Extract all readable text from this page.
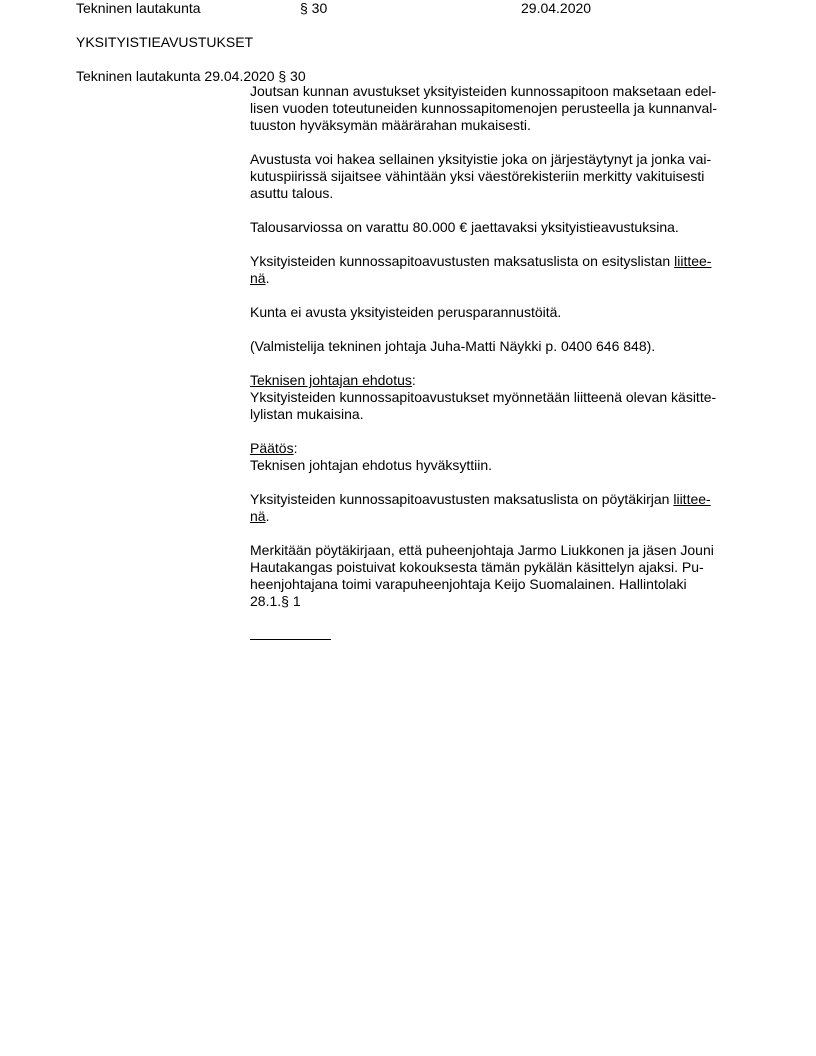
Tekninen lautakunta	§ 30	29.04.2020
YKSITYISTIEAVUSTUKSET
Tekninen lautakunta 29.04.2020 § 30

Joutsan kunnan avustukset yksityisteiden kunnossapitoon maksetaan edel-
lisen vuoden toteutuneiden kunnossapitomenojen perusteella ja kunnanval-
tuuston hyväksymän määrärahan mukaisesti.

Avustusta voi hakea sellainen yksityistie joka on järjestäytynyt ja jonka vai-
kutuspiirissä sijaitsee vähintään yksi väestörekisteriin merkitty vakituisesti
asuttu talous.

Talousarviossa on varattu 80.000 € jaettavaksi yksityistieavustuksina.

Yksityisteiden kunnossapitoavustusten maksatuslista on esityslistan liittee-
nä.

Kunta ei avusta yksityisteiden perusparannustöitä.

(Valmistelija tekninen johtaja Juha-Matti Näykki p. 0400 646 848).

Teknisen johtajan ehdotus:
Yksityisteiden kunnossapitoavustukset myönnetään liitteenä olevan käsitte-
lylistan mukaisina.

Päätös:
Teknisen johtajan ehdotus hyväksyttiin.

Yksityisteiden kunnossapitoavustusten maksatuslista on pöytäkirjan liittee-
nä.

Merkitään pöytäkirjaan, että puheenjohtaja Jarmo Liukkonen ja jäsen Jouni
Hautakangas poistuivat kokouksesta tämän pykälän käsittelyn ajaksi. Pu-
heenjohtajana toimi varapuheenjohtaja Keijo Suomalainen. Hallintolaki
28.1.§ 1
